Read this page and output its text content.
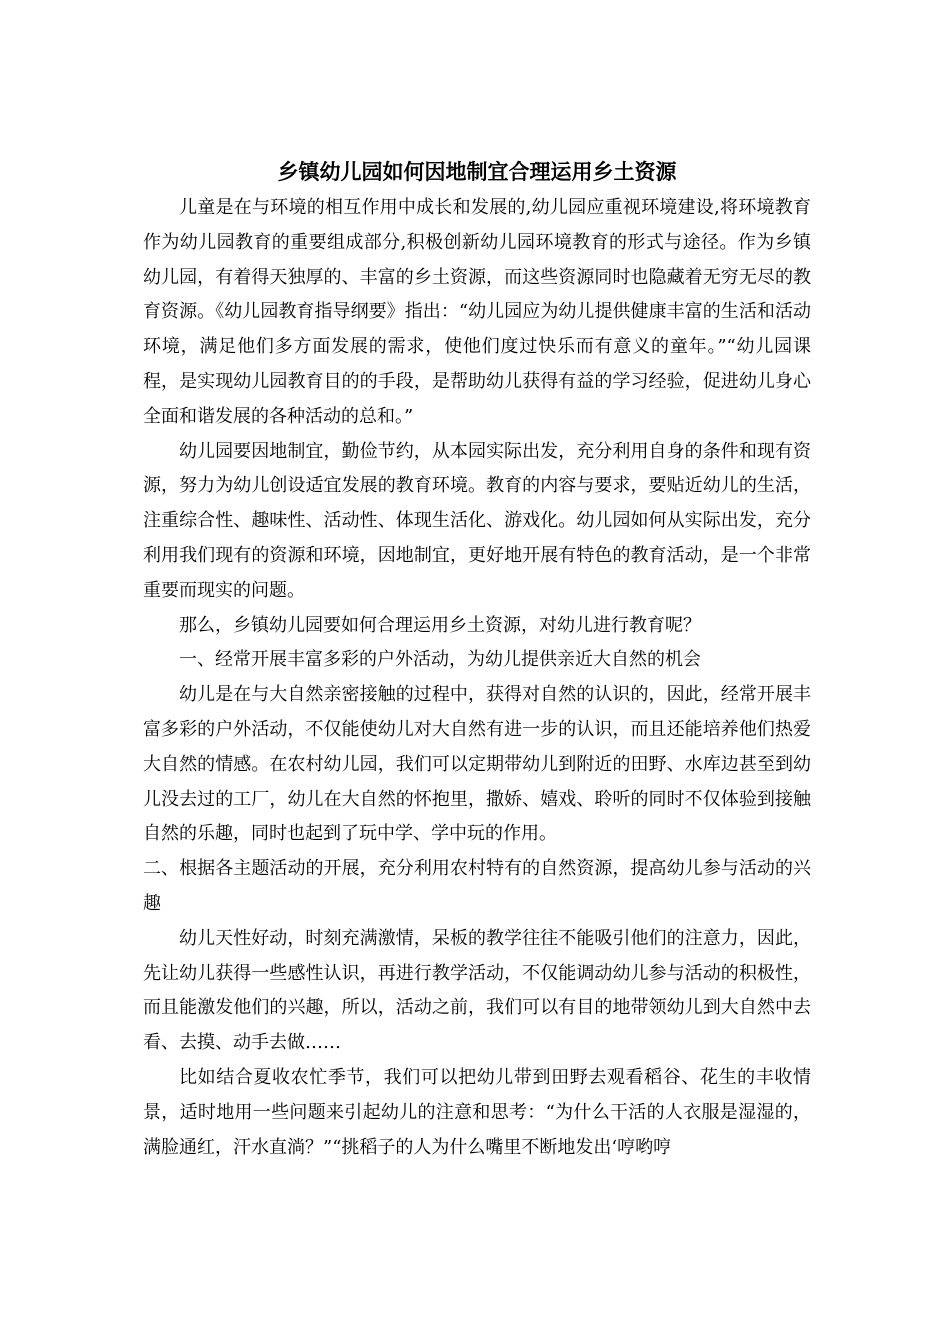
乡镇幼儿园如何因地制宜合理运用乡土资源

儿童是在与环境的相互作用中成长和发展的,幼儿园应重视环境建设,将环境教育作为幼儿园教育的重要组成部分,积极创新幼儿园环境教育的形式与途径。作为乡镇幼儿园，有着得天独厚的、丰富的乡土资源，而这些资源同时也隐藏着无穷无尽的教育资源。《幼儿园教育指导纲要》指出：“幼儿园应为幼儿提供健康丰富的生活和活动环境，满足他们多方面发展的需求，使他们度过快乐而有意义的童年。”“幼儿园课程，是实现幼儿园教育目的的手段，是帮助幼儿获得有益的学习经验，促进幼儿身心全面和谐发展的各种活动的总和。”

幼儿园要因地制宜，勤俭节约，从本园实际出发，充分利用自身的条件和现有资源，努力为幼儿创设适宜发展的教育环境。教育的内容与要求，要贴近幼儿的生活，注重综合性、趣味性、活动性、体现生活化、游戏化。幼儿园如何从实际出发，充分利用我们现有的资源和环境，因地制宜，更好地开展有特色的教育活动，是一个非常重要而现实的问题。

那么，乡镇幼儿园要如何合理运用乡土资源，对幼儿进行教育呢？

一、经常开展丰富多彩的户外活动，为幼儿提供亲近大自然的机会

幼儿是在与大自然亲密接触的过程中，获得对自然的认识的，因此，经常开展丰富多彩的户外活动，不仅能使幼儿对大自然有进一步的认识，而且还能培养他们热爱大自然的情感。在农村幼儿园，我们可以定期带幼儿到附近的田野、水库边甚至到幼儿没去过的工厂，幼儿在大自然的怀抱里，撒娇、嬉戏、聆听的同时不仅体验到接触自然的乐趣，同时也起到了玩中学、学中玩的作用。

二、根据各主题活动的开展，充分利用农村特有的自然资源，提高幼儿参与活动的兴趣

幼儿天性好动，时刻充满激情，呆板的教学往往不能吸引他们的注意力，因此，先让幼儿获得一些感性认识，再进行教学活动，不仅能调动幼儿参与活动的积极性，而且能激发他们的兴趣，所以，活动之前，我们可以有目的地带领幼儿到大自然中去看、去摸、动手去做……

比如结合夏收农忙季节，我们可以把幼儿带到田野去观看稻谷、花生的丰收情景，适时地用一些问题来引起幼儿的注意和思考：“为什么干活的人衣服是湿湿的，满脸通红，汗水直淌？”“挑稻子的人为什么嘴里不断地发出‘哼哟哼
